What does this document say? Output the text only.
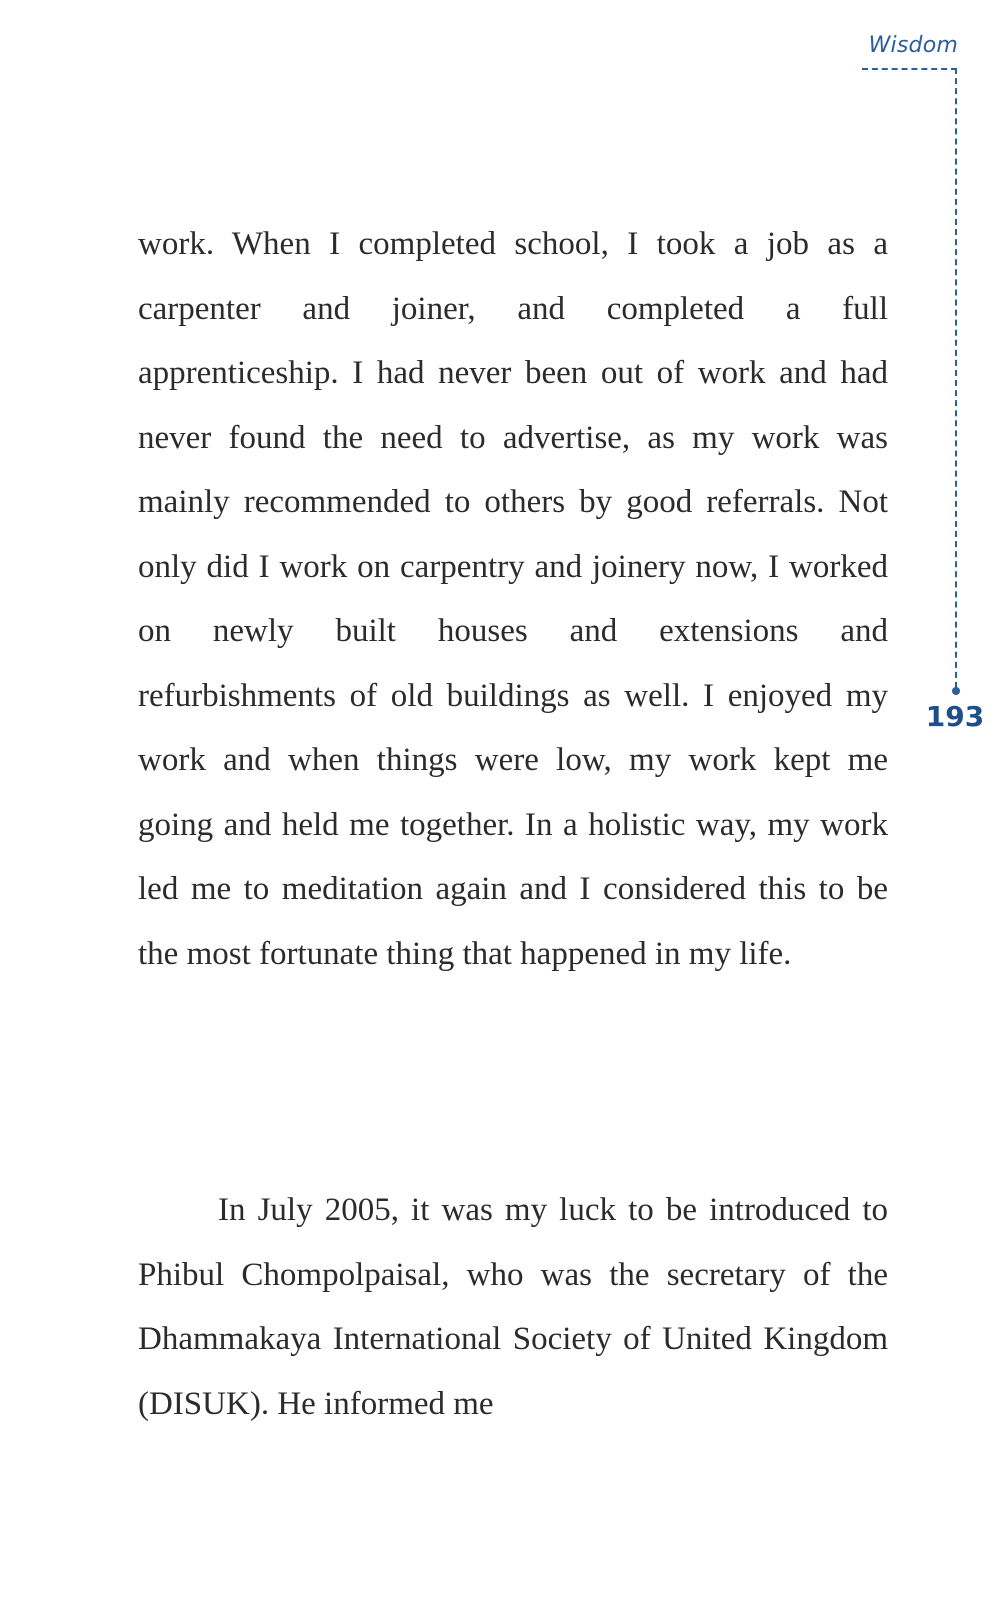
Wisdom
193

work. When I completed school, I took a job as a carpenter and joiner, and completed a full apprenticeship. I had never been out of work and had never found the need to advertise, as my work was mainly recommended to others by good referrals. Not only did I work on carpentry and joinery now, I worked on newly built houses and extensions and refurbishments of old buildings as well. I enjoyed my work and when things were low, my work kept me going and held me together. In a holistic way, my work led me to meditation again and I considered this to be the most fortunate thing that happened in my life.

In July 2005, it was my luck to be introduced to Phibul Chompolpaisal, who was the secretary of the Dhammakaya International Society of United Kingdom (DISUK). He informed me
